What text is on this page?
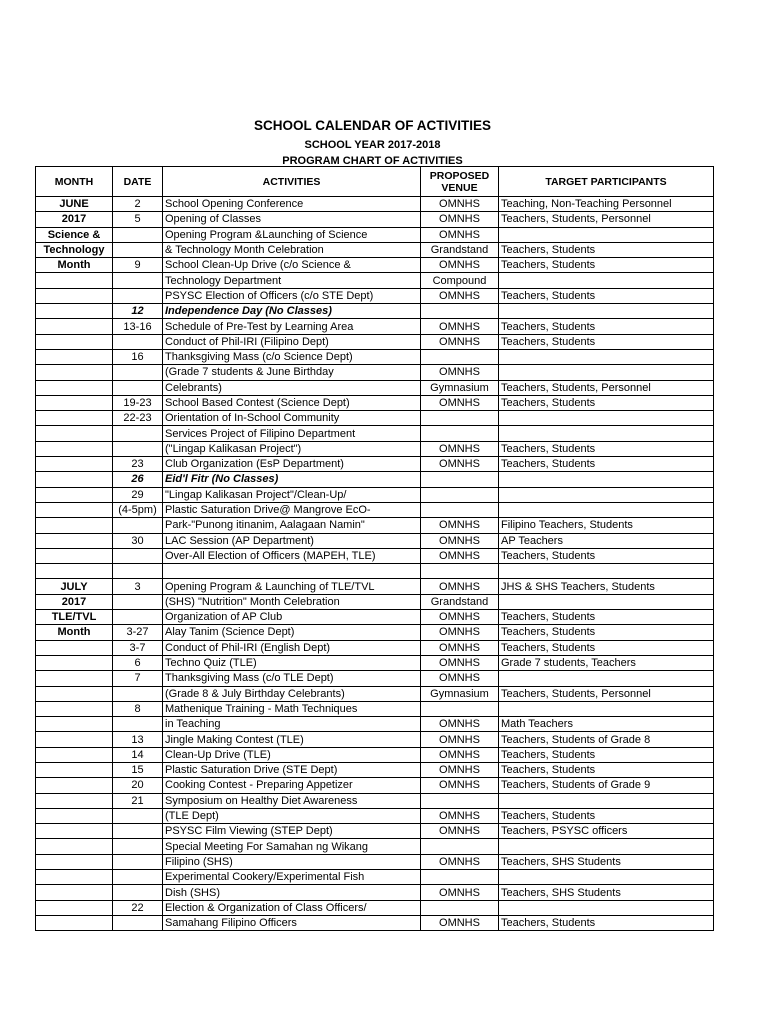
SCHOOL CALENDAR OF ACTIVITIES
SCHOOL YEAR 2017-2018
PROGRAM CHART OF ACTIVITIES
MONTH	DATE	ACTIVITIES	PROPOSED VENUE	TARGET PARTICIPANTS
JUNE	2	School Opening Conference	OMNHS	Teaching, Non-Teaching Personnel
2017	5	Opening of Classes	OMNHS	Teachers, Students, Personnel
Science &		Opening Program &Launching of Science	OMNHS	
Technology		& Technology Month Celebration	Grandstand	Teachers, Students
Month	9	School Clean-Up Drive (c/o Science &	OMNHS	Teachers, Students
		Technology Department	Compound	
		PSYSC Election of Officers (c/o STE Dept)	OMNHS	Teachers, Students
	12	Independence Day (No Classes)		
	13-16	Schedule of Pre-Test by Learning Area	OMNHS	Teachers, Students
		Conduct of Phil-IRI (Filipino Dept)	OMNHS	Teachers, Students
	16	Thanksgiving Mass (c/o Science Dept)		
		(Grade 7 students & June Birthday	OMNHS	
		Celebrants)	Gymnasium	Teachers, Students, Personnel
	19-23	School Based Contest (Science Dept)	OMNHS	Teachers, Students
	22-23	Orientation of In-School Community		
		Services Project of Filipino Department		
		("Lingap Kalikasan Project")	OMNHS	Teachers, Students
	23	Club Organization (EsP Department)	OMNHS	Teachers, Students
	26	Eid'l Fitr (No Classes)		
	29	"Lingap Kalikasan Project"/Clean-Up/		
	(4-5pm)	Plastic Saturation Drive@ Mangrove EcO-		
		Park-"Punong itinanim, Aalagaan Namin"	OMNHS	Filipino Teachers, Students
	30	LAC Session (AP Department)	OMNHS	AP Teachers
		Over-All Election of Officers (MAPEH, TLE)	OMNHS	Teachers, Students

JULY	3	Opening Program & Launching of TLE/TVL	OMNHS	JHS & SHS Teachers, Students
2017		(SHS) "Nutrition" Month Celebration	Grandstand	
TLE/TVL		Organization of AP Club	OMNHS	Teachers, Students
Month	3-27	Alay Tanim (Science Dept)	OMNHS	Teachers, Students
	3-7	Conduct of Phil-IRI (English Dept)	OMNHS	Teachers, Students
	6	Techno Quiz (TLE)	OMNHS	Grade 7 students, Teachers
	7	Thanksgiving Mass (c/o TLE Dept)	OMNHS	
		(Grade 8 & July Birthday Celebrants)	Gymnasium	Teachers, Students, Personnel
	8	Mathenique Training - Math Techniques		
		in Teaching	OMNHS	Math Teachers
	13	Jingle Making Contest (TLE)	OMNHS	Teachers, Students of Grade 8
	14	Clean-Up Drive (TLE)	OMNHS	Teachers, Students
	15	Plastic Saturation Drive (STE Dept)	OMNHS	Teachers, Students
	20	Cooking Contest - Preparing Appetizer	OMNHS	Teachers, Students of Grade 9
	21	Symposium on Healthy Diet Awareness		
		(TLE Dept)	OMNHS	Teachers, Students
		PSYSC Film Viewing (STEP Dept)	OMNHS	Teachers, PSYSC officers
		Special Meeting For Samahan ng Wikang		
		Filipino (SHS)	OMNHS	Teachers, SHS Students
		Experimental Cookery/Experimental Fish		
		Dish (SHS)	OMNHS	Teachers, SHS Students
	22	Election & Organization of Class Officers/		
		Samahang Filipino Officers	OMNHS	Teachers, Students
